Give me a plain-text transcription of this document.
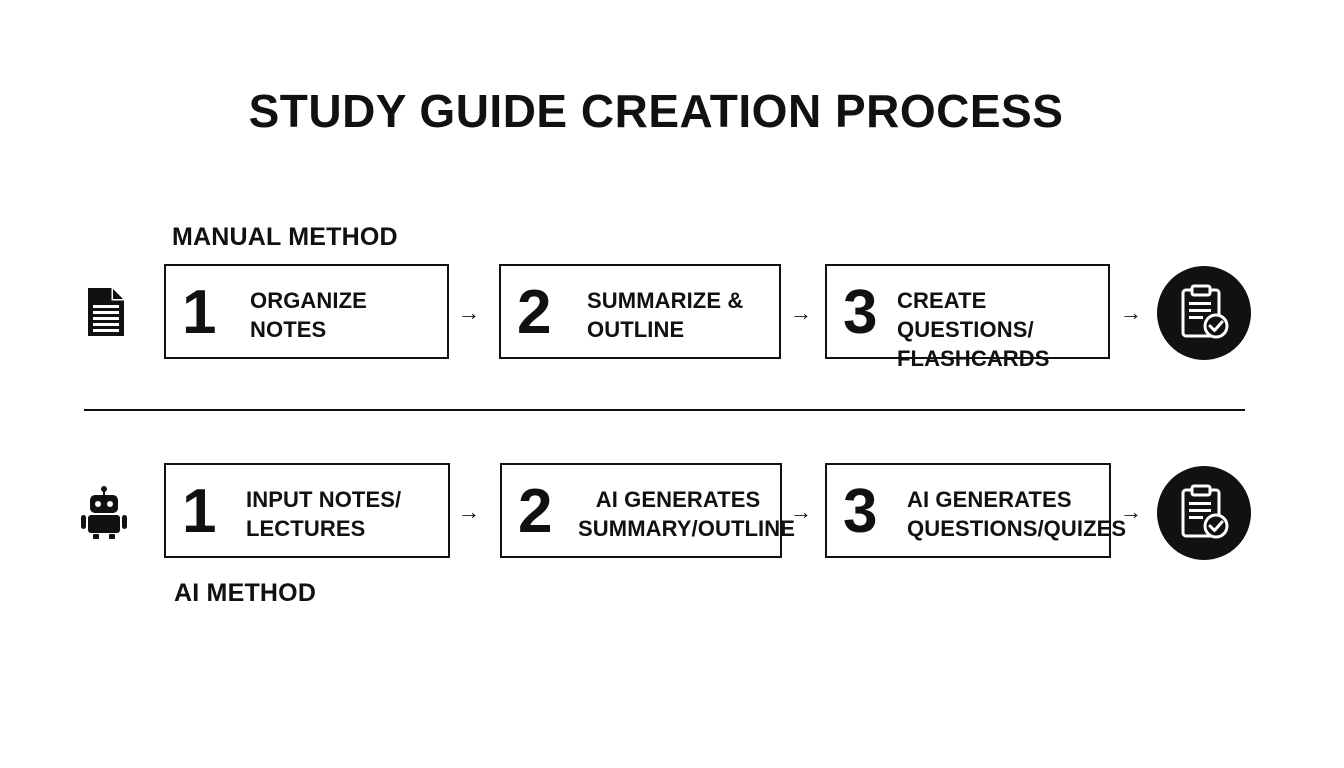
STUDY GUIDE CREATION PROCESS
MANUAL METHOD
1 ORGANIZE
NOTES
→ 2 SUMMARIZE &
OUTLINE
→ 3 CREATE QUESTIONS/
FLASHCARDS
→
1 INPUT NOTES/
LECTURES
→ 2	AI GENERATES
SUMMARY/OUTLINE
→ 3 AI GENERATES
QUESTIONS/QUIZES
→
AI METHOD
